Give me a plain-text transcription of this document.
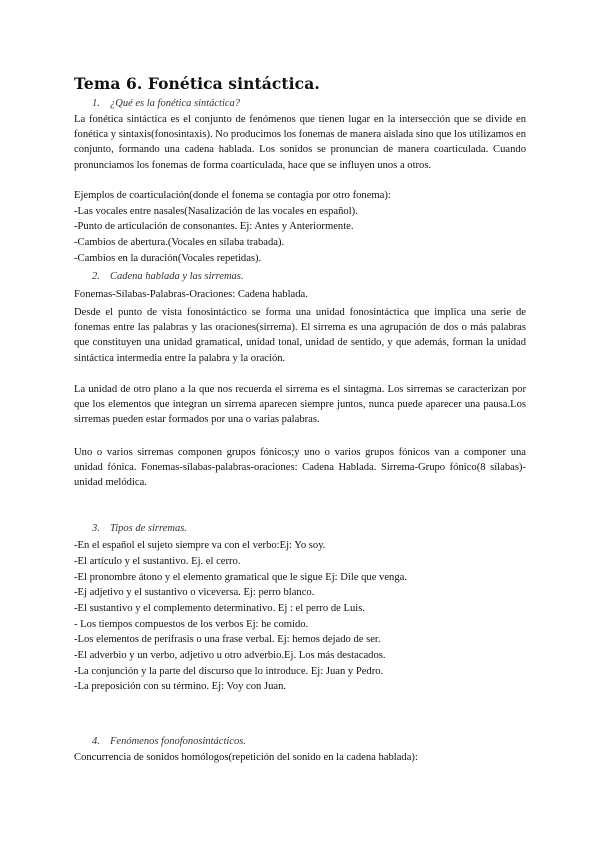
Tema 6. Fonética sintáctica.
1. ¿Qué es la fonética sintáctica?

La fonética sintáctica es el conjunto de fenómenos que tienen lugar en la intersección que se divide en fonética y sintaxis(fonosintaxis). No producimos los fonemas de manera aislada sino que los utilizamos en conjunto, formando una cadena hablada. Los sonidos se pronuncian de manera coarticulada. Cuando pronunciamos los fonemas de forma coarticulada, hace que se influyen unos a otros.

Ejemplos de coarticulación(donde el fonema se contagia por otro fonema):
-Las vocales entre nasales(Nasalización de las vocales en español).
-Punto de articulación de consonantes. Ej: Antes y Anteriormente.
-Cambios de abertura.(Vocales en sílaba trabada).
-Cambios en la duración(Vocales repetidas).
2. Cadena hablada y las sirremas.
Fonemas-Sílabas-Palabras-Oraciones: Cadena hablada.

Desde el punto de vista fonosintáctico se forma una unidad fonosintáctica que implica una serie de fonemas entre las palabras y las oraciones(sirrema). El sirrema es una agrupación de dos o más palabras que constituyen una unidad gramatical, unidad tonal, unidad de sentido, y que además, forman la unidad sintáctica intermedia entre la palabra y la oración.

La unidad de otro plano a la que nos recuerda el sirrema es el sintagma. Los sirremas se caracterizan por que los elementos que integran un sirrema aparecen siempre juntos, nunca puede aparecer una pausa.Los sirremas pueden estar formados por una o varias palabras.

Uno o varios sirremas componen grupos fónicos;y uno o varios grupos fónicos van a componer una unidad fónica. Fonemas-sílabas-palabras-oraciones: Cadena Hablada. Sirrema-Grupo fónico(8 sílabas)- unidad melódica.

3. Tipos de sirremas.
-En el español el sujeto siempre va con el verbo:Ej: Yo soy.
-El artículo y el sustantivo. Ej. el cerro.
-El pronombre átono y el elemento gramatical que le sigue Ej: Dile que venga.
-Ej adjetivo y el sustantivo o viceversa. Ej: perro blanco.
-El sustantivo y el complemento determinativo. Ej : el perro de Luis.
- Los tiempos compuestos de los verbos Ej: he comido.
-Los elementos de perífrasis o una frase verbal. Ej: hemos dejado de ser.
-El adverbio y un verbo, adjetivo u otro adverbio.Ej. Los más destacados.
-La conjunción y la parte del discurso que lo introduce. Ej: Juan y Pedro.
-La preposición con su término. Ej: Voy con Juan.
4. Fenómenos fonofonosintácticos.
Concurrencia de sonidos homólogos(repetición del sonido en la cadena hablada):
